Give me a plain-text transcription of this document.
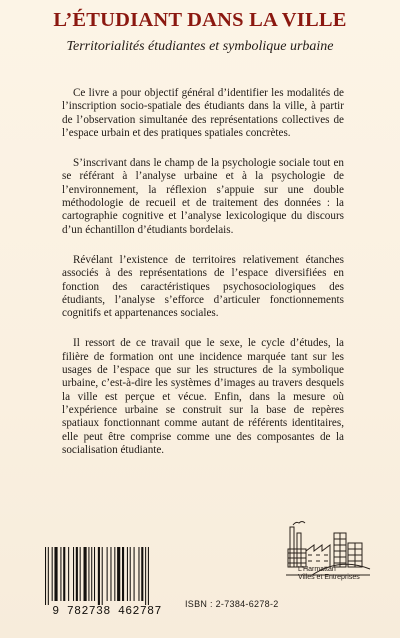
L’ÉTUDIANT DANS LA VILLE
Territorialités étudiantes et symbolique urbaine

Ce livre a pour objectif général d’identifier les modalités de l’inscription socio-spatiale des étudiants dans la ville, à partir de l’observation simultanée des représentations collectives de l’espace urbain et des pratiques spatiales concrètes.

S’inscrivant dans le champ de la psychologie sociale tout en se référant à l’analyse urbaine et à la psychologie de l’environnement, la réflexion s’appuie sur une double méthodologie de recueil et de traitement des données : la cartographie cognitive et l’analyse lexicologique du discours d’un échantillon d’étudiants bordelais.

Révélant l’existence de territoires relativement étanches associés à des représentations de l’espace diversifiées en fonction des caractéristiques psychosociologiques des étudiants, l’analyse s’efforce d’articuler fonctionnements cognitifs et appartenances sociales.

Il ressort de ce travail que le sexe, le cycle d’études, la filière de formation ont une incidence marquée tant sur les usages de l’espace que sur les structures de la symbolique urbaine, c’est-à-dire les systèmes d’images au travers desquels la ville est perçue et vécue. Enfin, dans la mesure où l’expérience urbaine se construit sur la base de repères spatiaux fonctionnant comme autant de référents identitaires, elle peut être comprise comme une des composantes de la socialisation étudiante.

9 782738 462787
ISBN : 2-7384-6278-2
L’Harmattan
Villes et Entreprises
